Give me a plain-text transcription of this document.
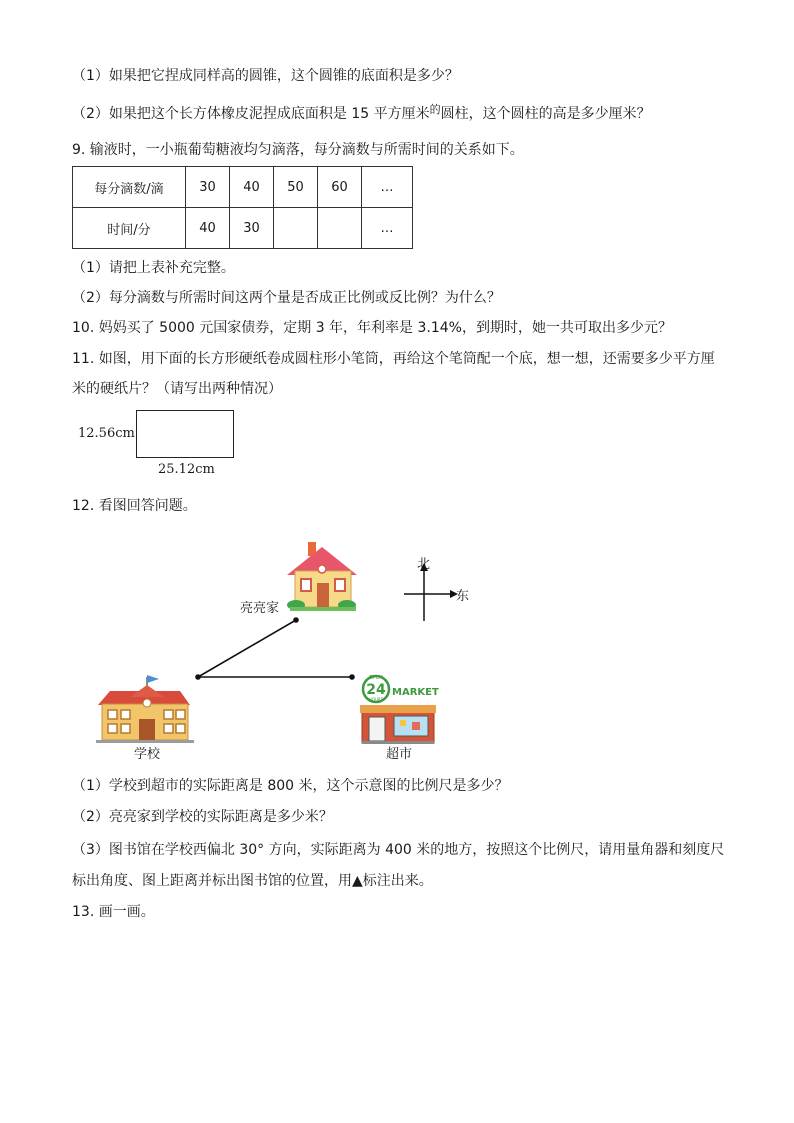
（1）如果把它捏成同样高的圆锥，这个圆锥的底面积是多少？
（2）如果把这个长方体橡皮泥捏成底面积是 15 平方厘米$^的$圆柱，这个圆柱的高是多少厘米？
9. 输液时，一小瓶葡萄糖液均匀滴落，每分滴数与所需时间的关系如下。
每分滴数/滴	30	40	50	60	…
时间/分	40	30			…
（1）请把上表补充完整。
（2）每分滴数与所需时间这两个量是否成正比例或反比例？为什么？
10. 妈妈买了 5000 元国家债券，定期 3 年，年利率是 3.14%，到期时，她一共可取出多少元？
11. 如图，用下面的长方形硬纸卷成圆柱形小笔筒，再给这个笔筒配一个底，想一想，还需要多少平方厘
米的硬纸片？（请写出两种情况）
12.56cm
25.12cm
12. 看图回答问题。
OPEN
24
HOURS
MARKET
亮亮家
北
东
学校	超市
（1）学校到超市的实际距离是 800 米，这个示意图的比例尺是多少？
（2）亮亮家到学校的实际距离是多少米？
（3）图书馆在学校西偏北 30° 方向，实际距离为 400 米的地方，按照这个比例尺，请用量角器和刻度尺
标出角度、图上距离并标出图书馆的位置，用▲标注出来。
13. 画一画。
